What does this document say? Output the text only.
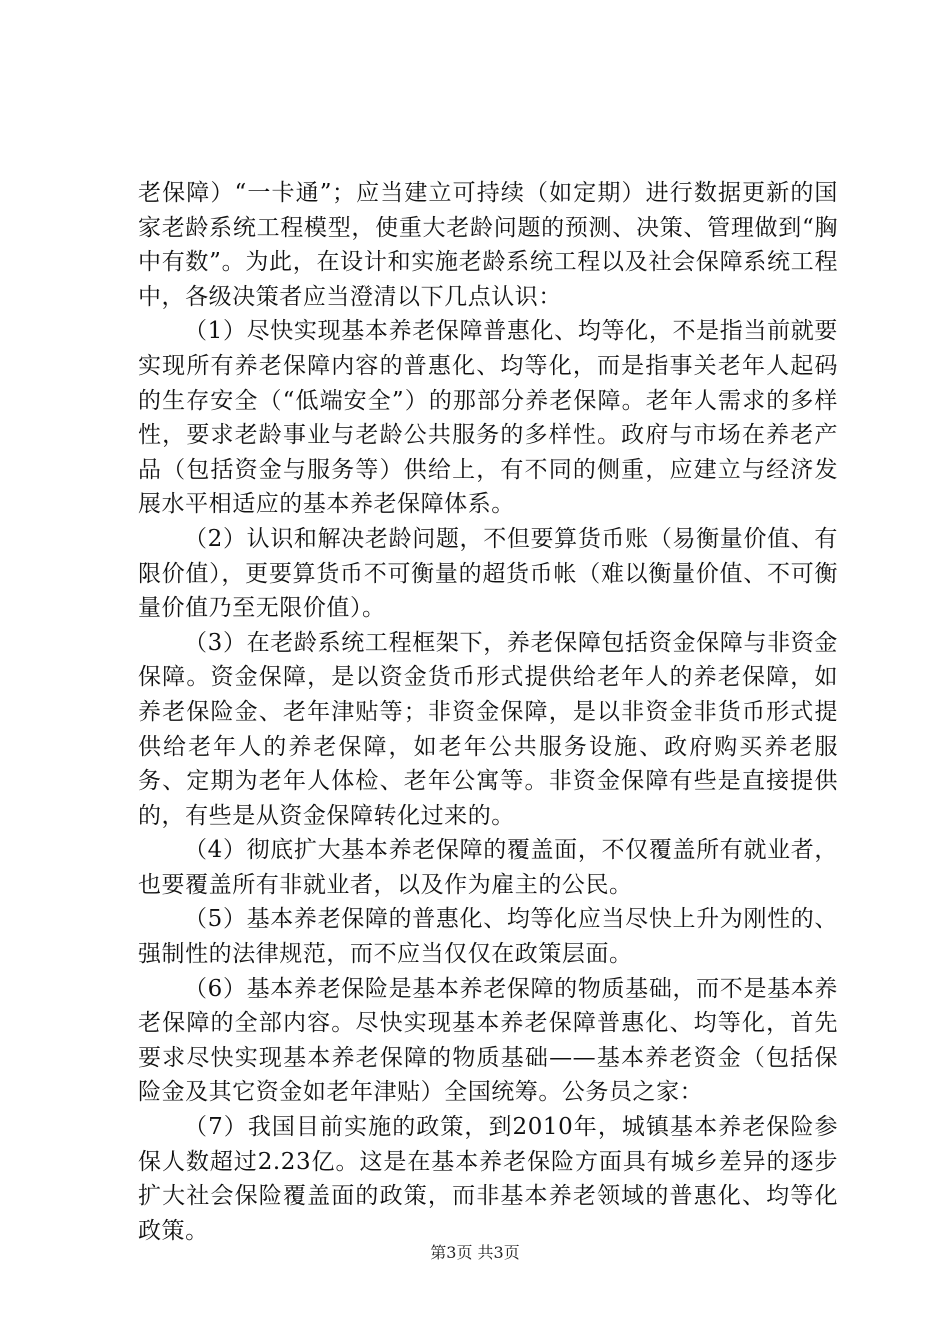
老保障）“一卡通”；应当建立可持续（如定期）进行数据更新的国家老龄系统工程模型，使重大老龄问题的预测、决策、管理做到“胸中有数”。为此，在设计和实施老龄系统工程以及社会保障系统工程中，各级决策者应当澄清以下几点认识：

（1）尽快实现基本养老保障普惠化、均等化，不是指当前就要实现所有养老保障内容的普惠化、均等化，而是指事关老年人起码的生存安全（“低端安全”）的那部分养老保障。老年人需求的多样性，要求老龄事业与老龄公共服务的多样性。政府与市场在养老产品（包括资金与服务等）供给上，有不同的侧重，应建立与经济发展水平相适应的基本养老保障体系。

（2）认识和解决老龄问题，不但要算货币账（易衡量价值、有限价值），更要算货币不可衡量的超货币帐（难以衡量价值、不可衡量价值乃至无限价值）。

（3）在老龄系统工程框架下，养老保障包括资金保障与非资金保障。资金保障，是以资金货币形式提供给老年人的养老保障，如养老保险金、老年津贴等；非资金保障，是以非资金非货币形式提供给老年人的养老保障，如老年公共服务设施、政府购买养老服务、定期为老年人体检、老年公寓等。非资金保障有些是直接提供的，有些是从资金保障转化过来的。

（4）彻底扩大基本养老保障的覆盖面，不仅覆盖所有就业者，也要覆盖所有非就业者，以及作为雇主的公民。

（5）基本养老保障的普惠化、均等化应当尽快上升为刚性的、强制性的法律规范，而不应当仅仅在政策层面。

（6）基本养老保险是基本养老保障的物质基础，而不是基本养老保障的全部内容。尽快实现基本养老保障普惠化、均等化，首先要求尽快实现基本养老保障的物质基础——基本养老资金（包括保险金及其它资金如老年津贴）全国统筹。公务员之家：

（7）我国目前实施的政策，到2010年，城镇基本养老保险参保人数超过2.23亿。这是在基本养老保险方面具有城乡差异的逐步扩大社会保险覆盖面的政策，而非基本养老领域的普惠化、均等化政策。

第3页 共3页
